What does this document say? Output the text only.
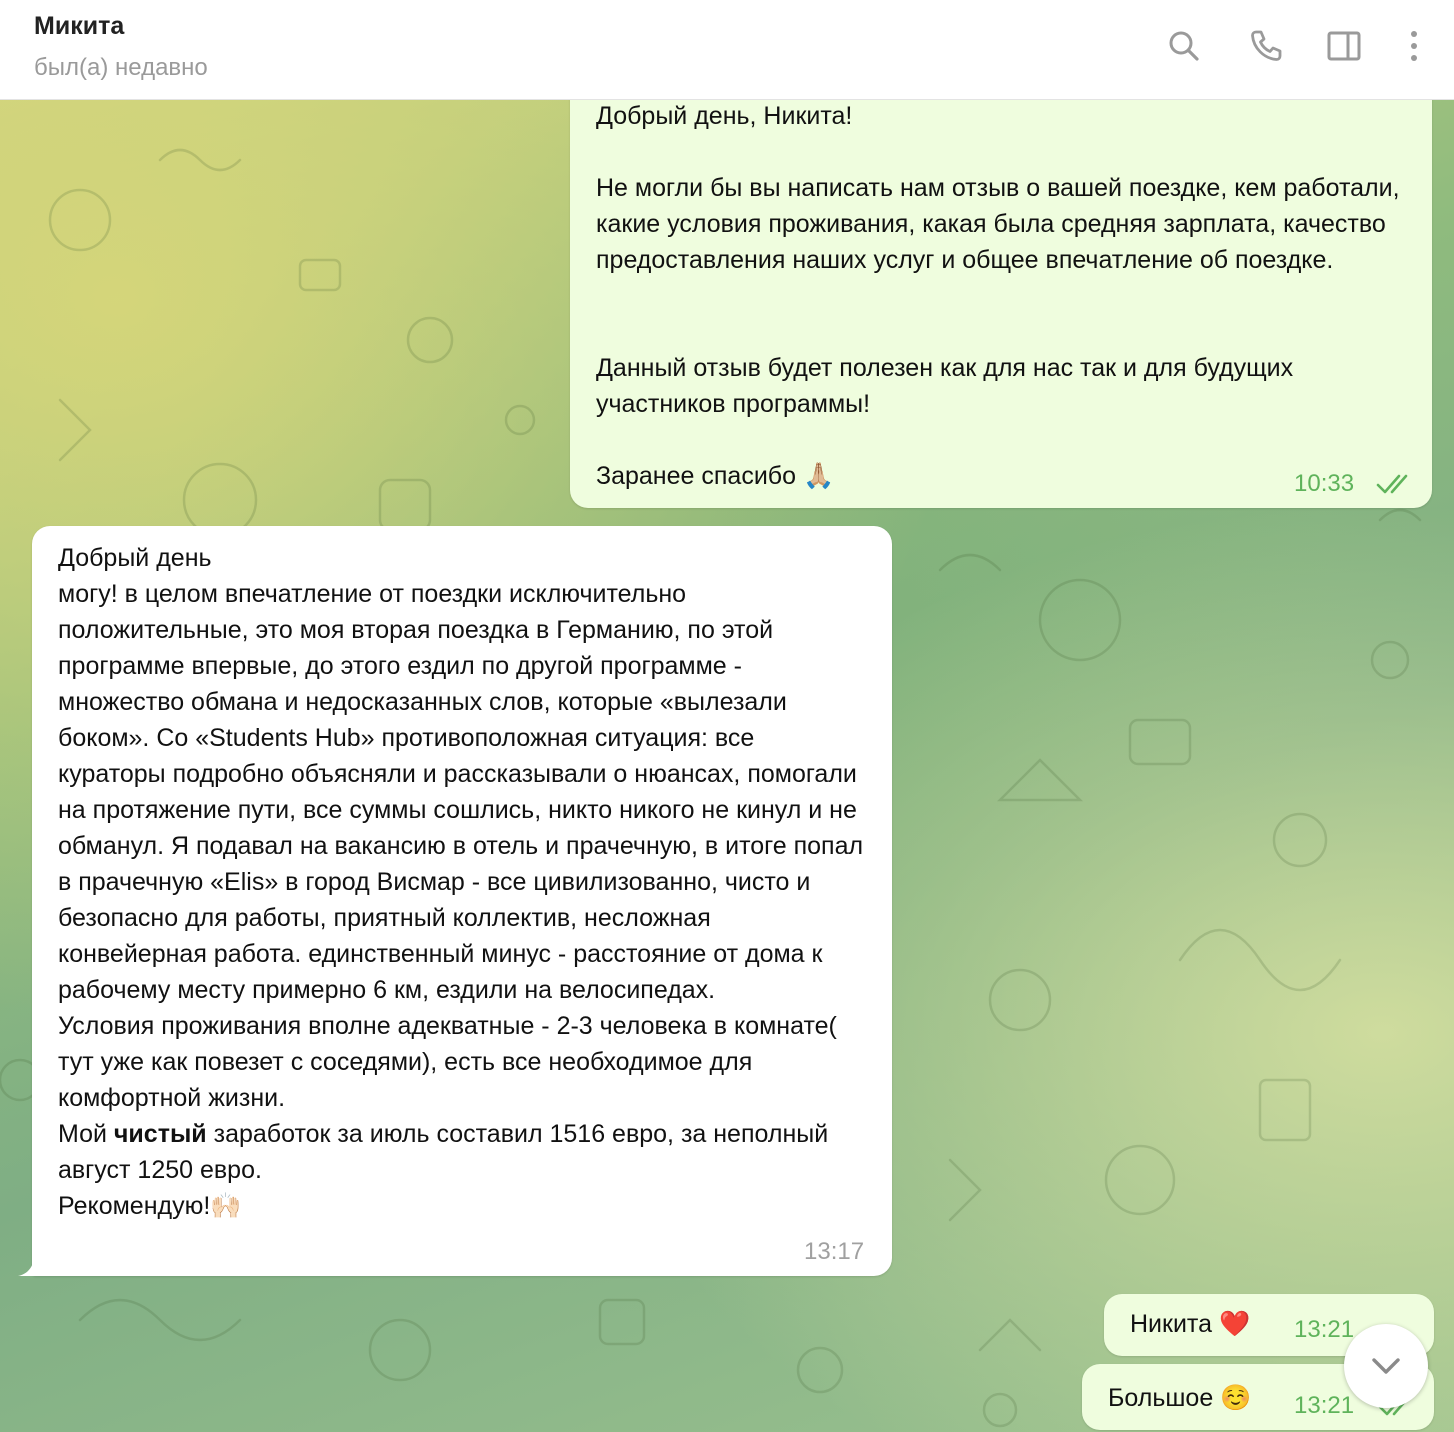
Микита
был(а) недавно
Добрый день, Никита!
Не могли бы вы написать нам отзыв о вашей поездке, кем работали, какие условия проживания, какая была средняя зарплата, качество предоставления наших услуг и общее впечатление об поездке.
Данный отзыв будет полезен как для нас так и для будущих участников программы!
Заранее спасибо 🙏🏼	10:33
Добрый день
могу! в целом впечатление от поездки исключительно положительные, это моя вторая поездка в Германию, по этой программе впервые, до этого ездил по другой программе - множество обмана и недосказанных слов, которые «вылезали боком». Со «Students Hub» противоположная ситуация: все кураторы подробно объясняли и рассказывали о нюансах, помогали на протяжение пути, все суммы сошлись, никто никого не кинул и не обманул. Я подавал на вакансию в отель и прачечную, в итоге попал в прачечную «Elis» в город Висмар - все цивилизованно, чисто и безопасно для работы, приятный коллектив, несложная конвейерная работа. единственный минус - расстояние от дома к рабочему месту примерно 6 км, ездили на велосипедах.
Условия проживания вполне адекватные - 2-3 человека в комнате( тут уже как повезет с соседями), есть все необходимое для комфортной жизни.
Мой чистый заработок за июль составил 1516 евро, за неполный август 1250 евро.
Рекомендую!🙌🏻
13:17
Никита ❤️ 13:21
Большое ☺️ 13:21
